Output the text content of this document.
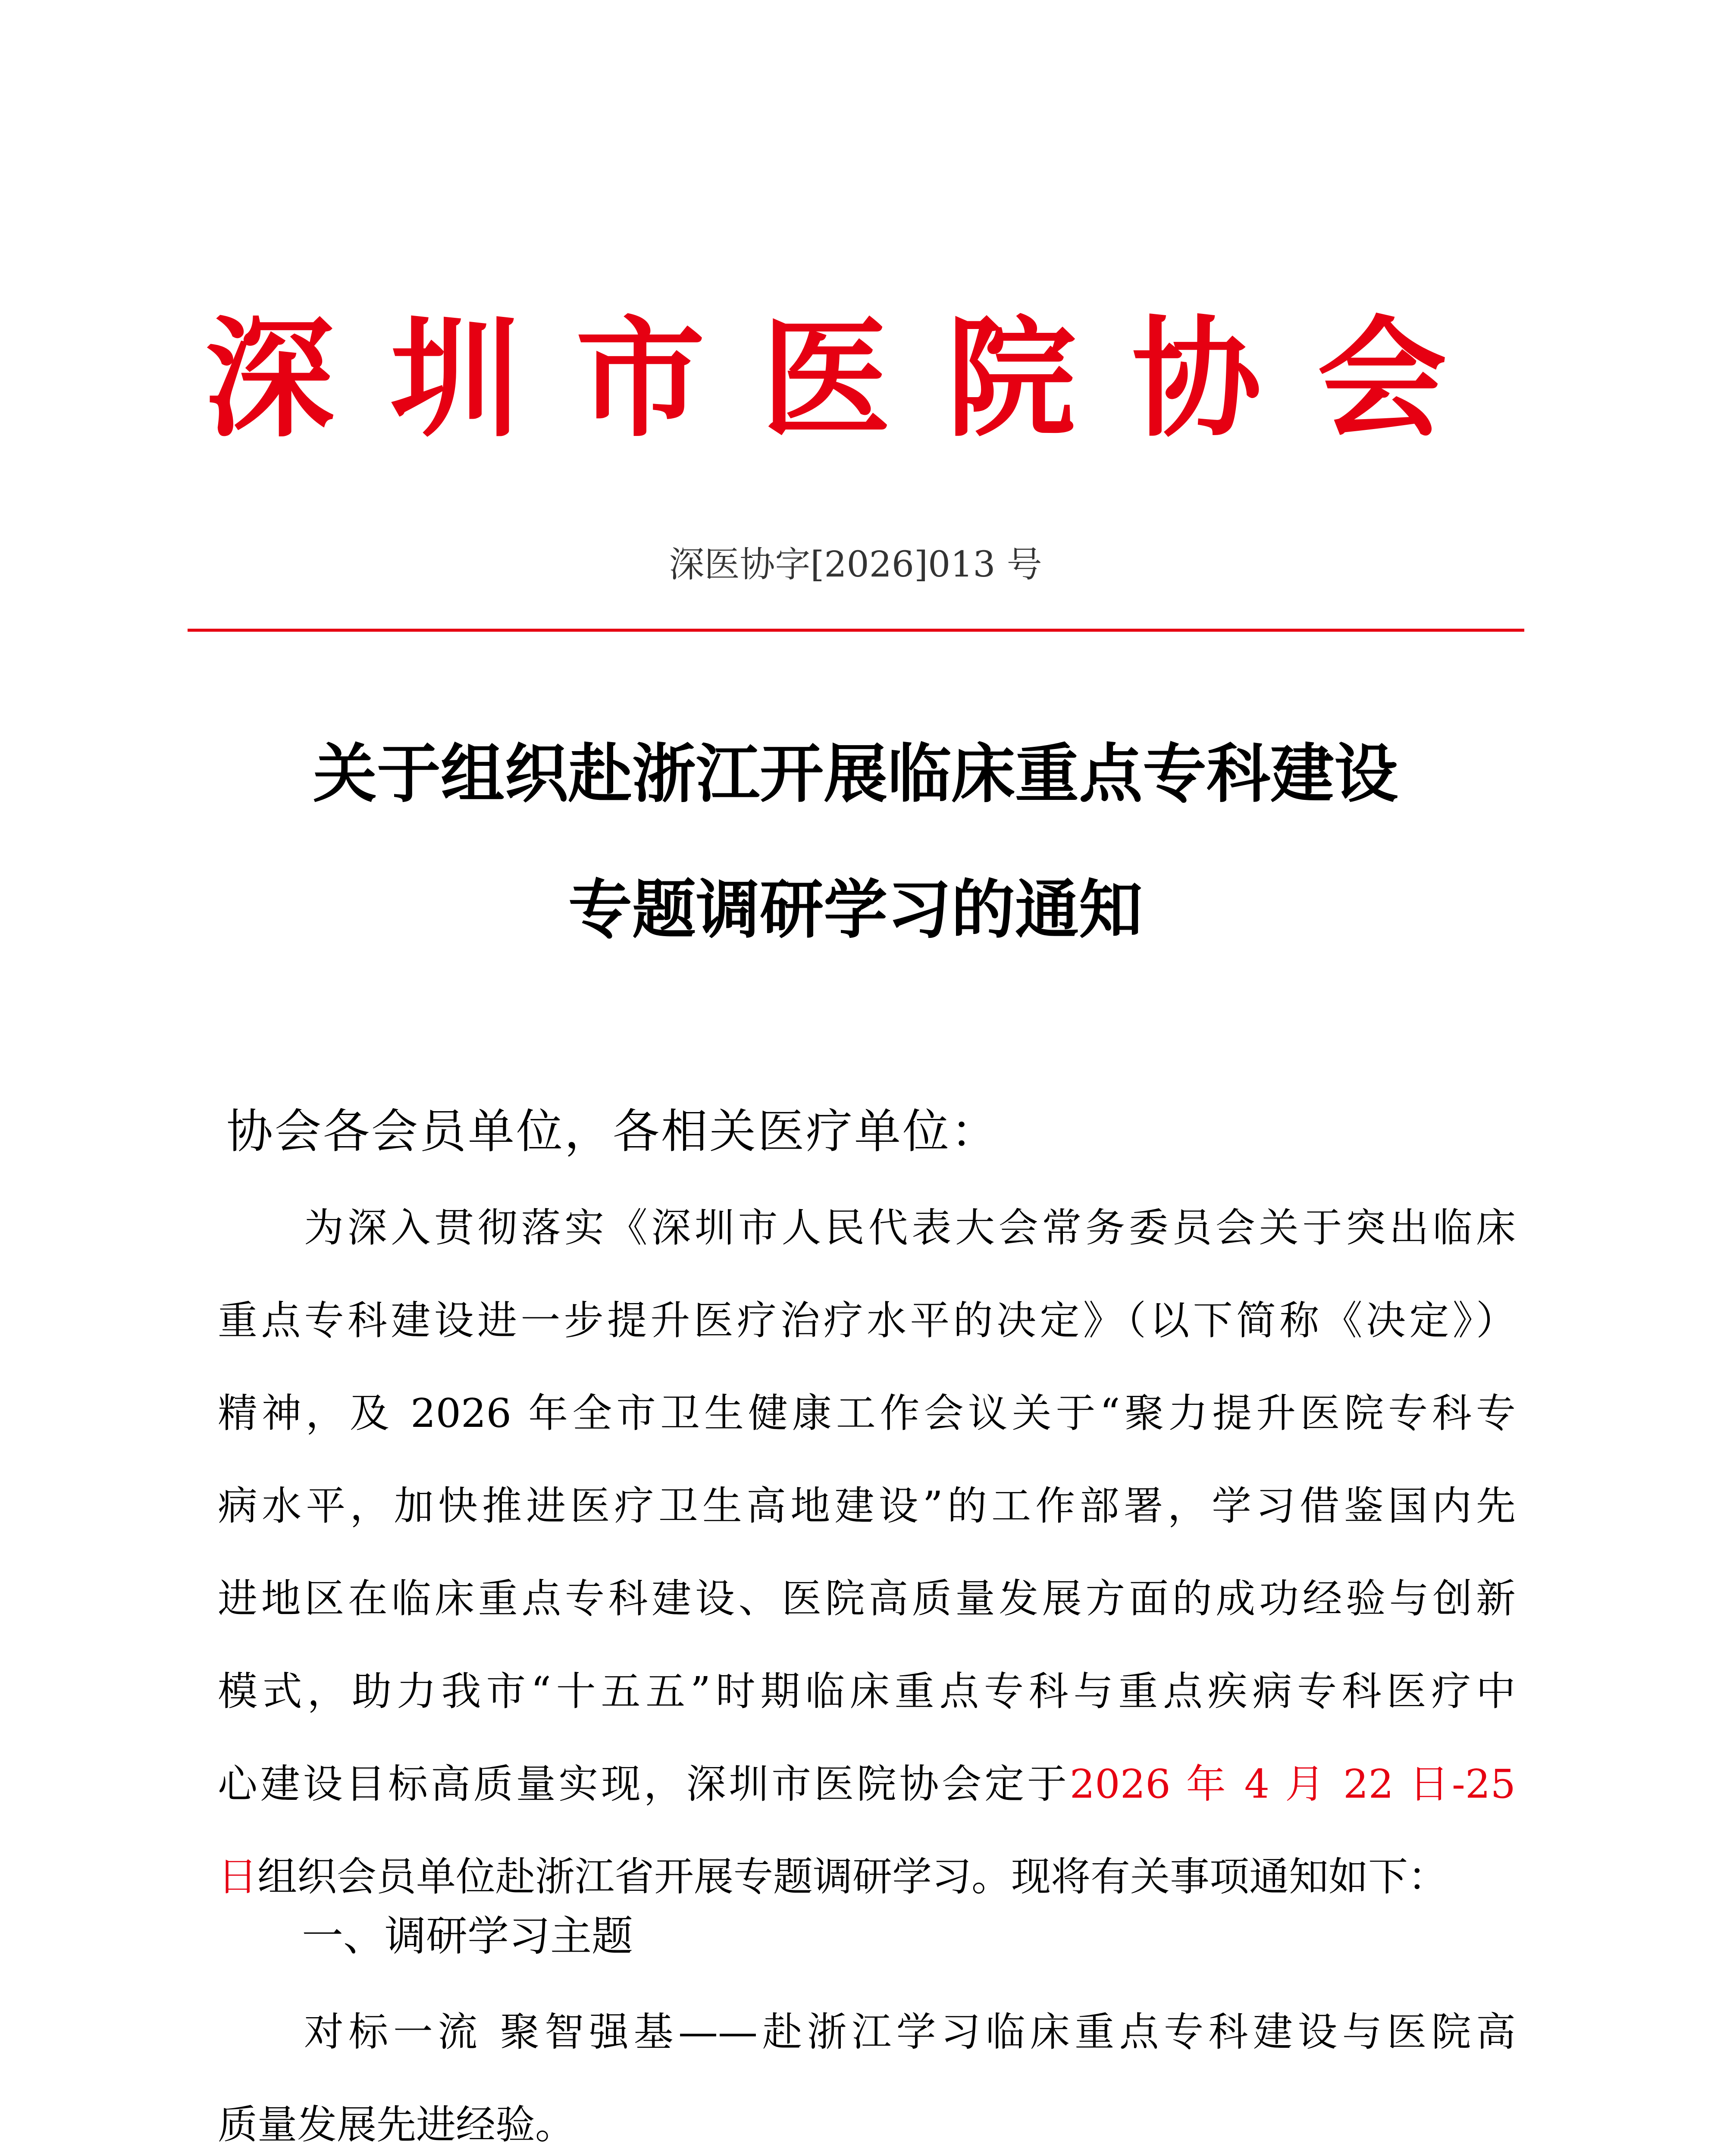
深圳市医院协会
深医协字[2026]013 号
关于组织赴浙江开展临床重点专科建设
专题调研学习的通知
协会各会员单位，各相关医疗单位：
为深入贯彻落实《深圳市人民代表大会常务委员会关于突出临床
重点专科建设进一步提升医疗治疗水平的决定》（以下简称《决定》）
精神，及 2026 年全市卫生健康工作会议关于“聚力提升医院专科专
病水平，加快推进医疗卫生高地建设”的工作部署，学习借鉴国内先
进地区在临床重点专科建设、医院高质量发展方面的成功经验与创新
模式，助力我市“十五五”时期临床重点专科与重点疾病专科医疗中
心建设目标高质量实现，深圳市医院协会定于2026 年 4 月 22 日-25
日组织会员单位赴浙江省开展专题调研学习。现将有关事项通知如下：
一、调研学习主题
对标一流 聚智强基——赴浙江学习临床重点专科建设与医院高
质量发展先进经验。
